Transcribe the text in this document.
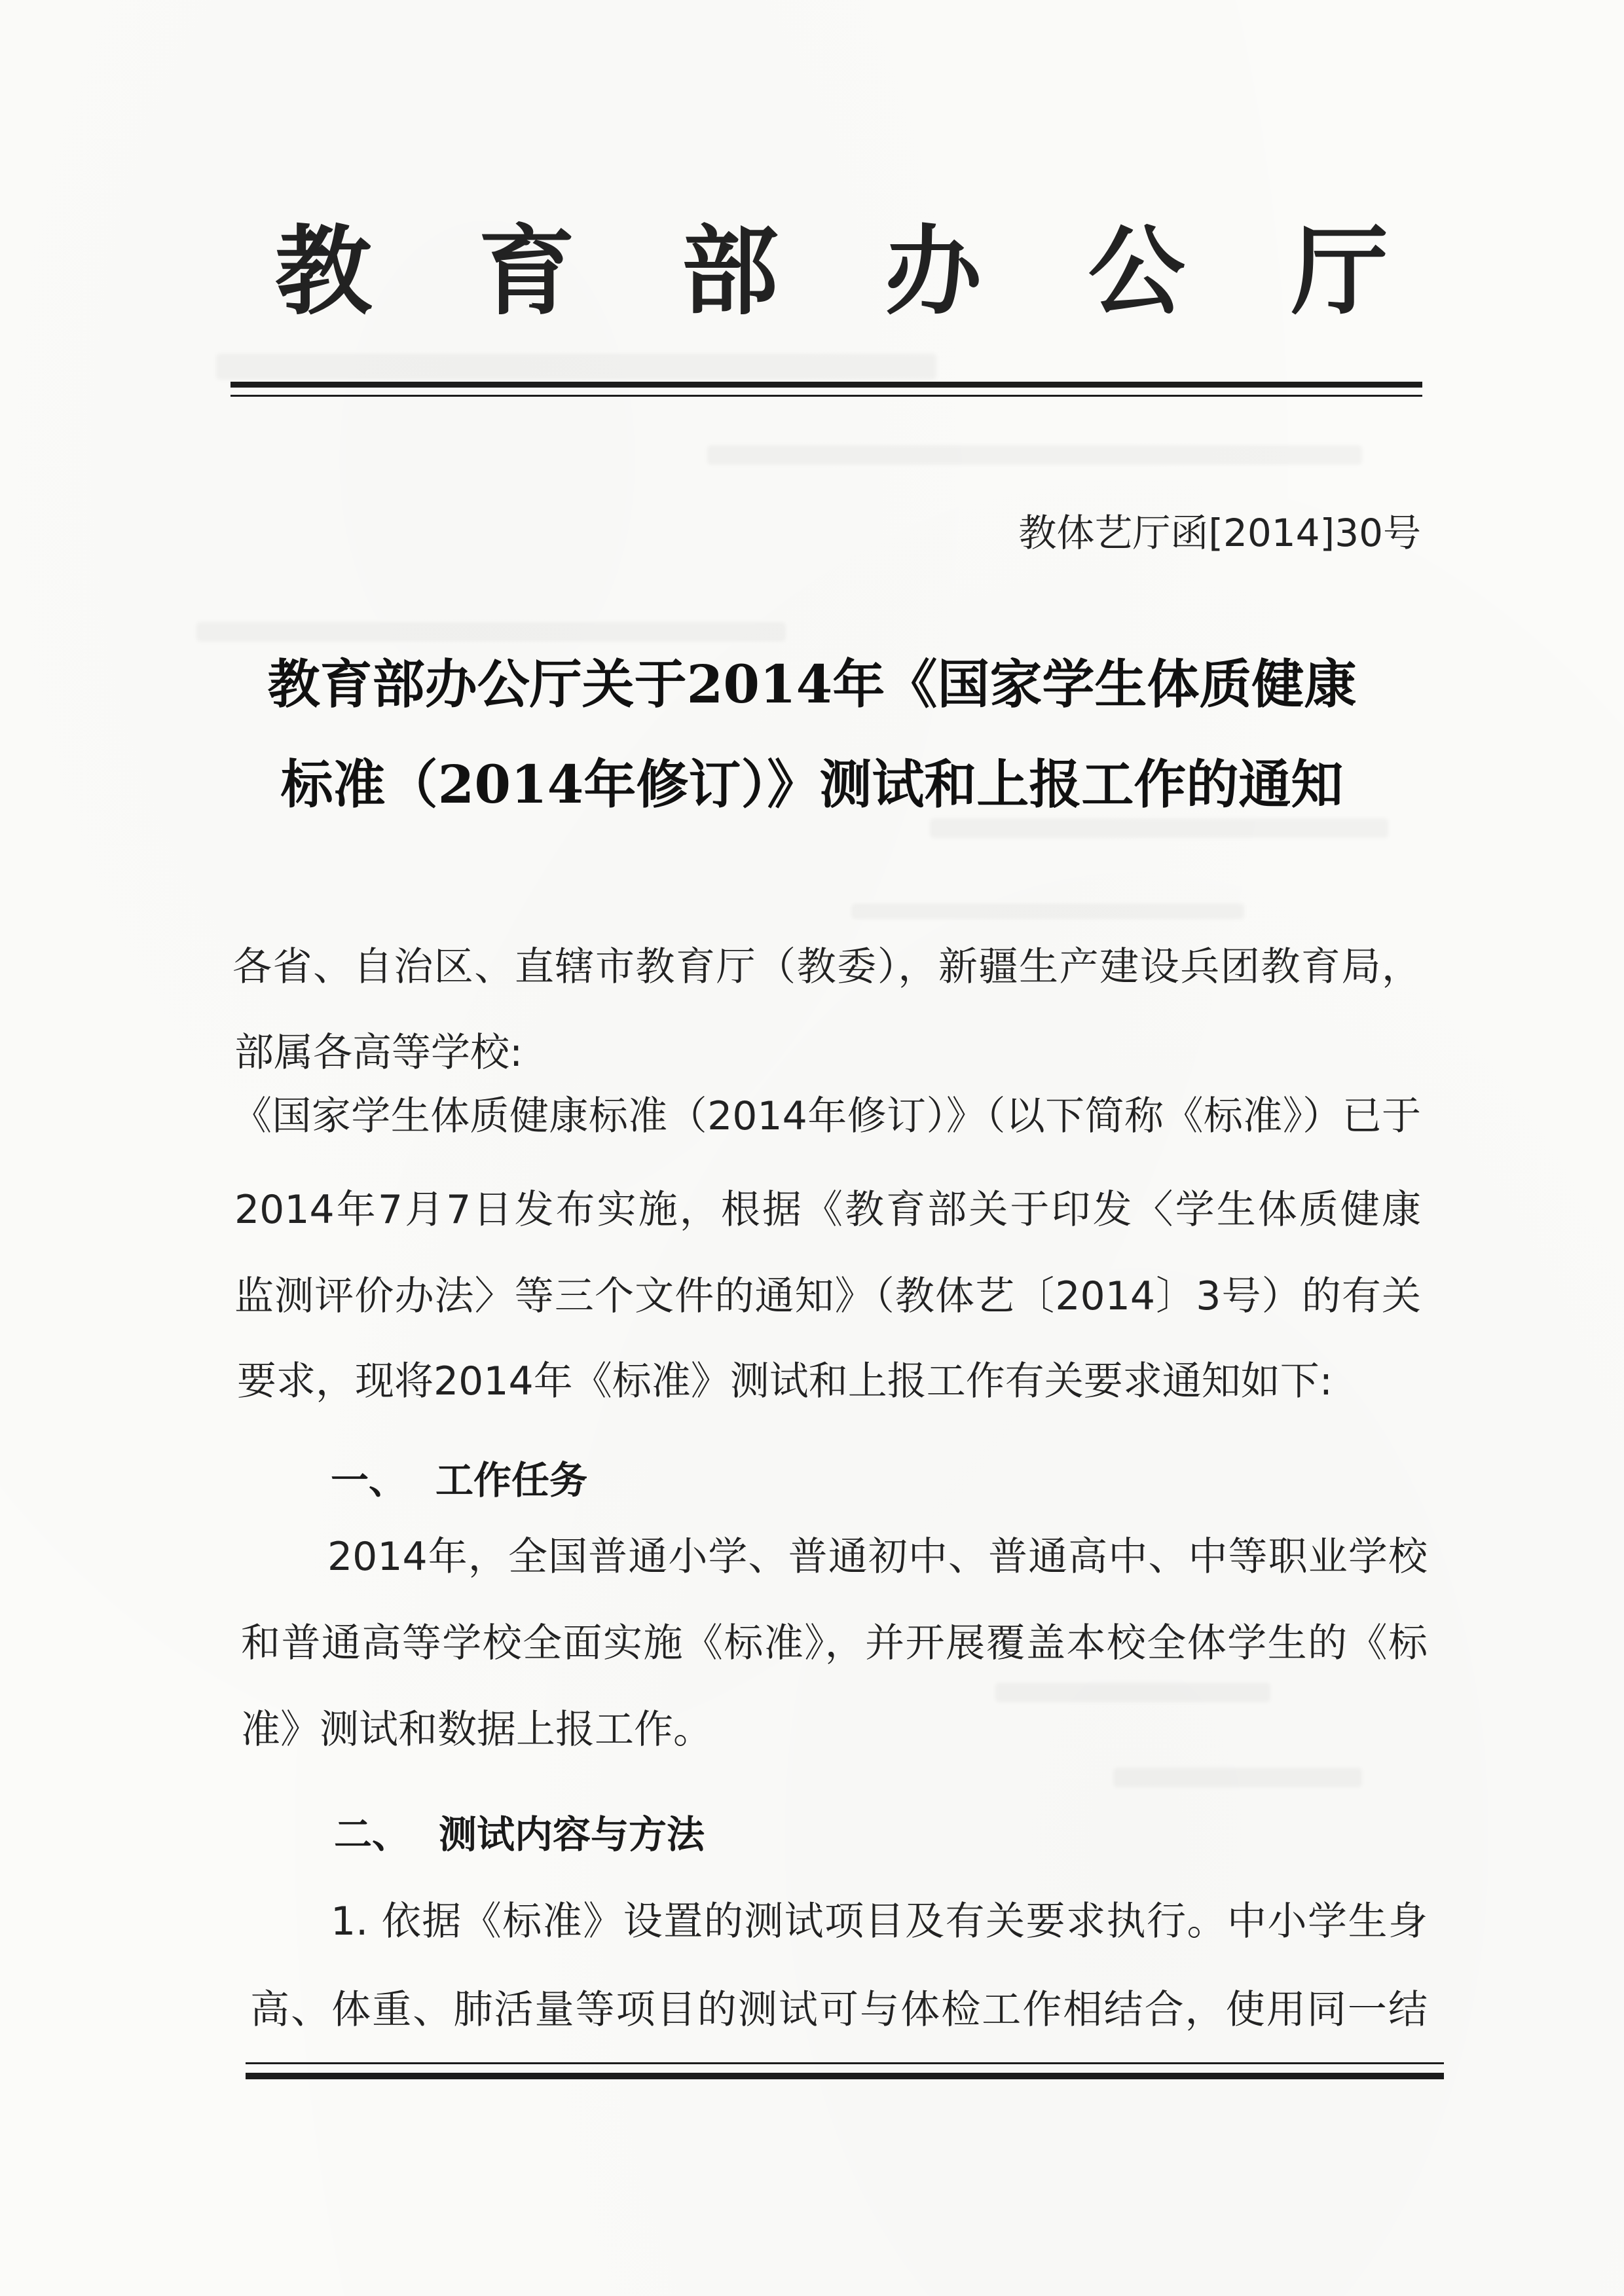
教 育 部 办 公 厅
教体艺厅函[2014]30号
教育部办公厅关于2014年《国家学生体质健康
标准（2014年修订）》测试和上报工作的通知
各省、自治区、直辖市教育厅（教委），新疆生产建设兵团教育局，
部属各高等学校:
《国家学生体质健康标准（2014年修订）》（以下简称《标准》）已于
2014年7月7日发布实施，根据《教育部关于印发〈学生体质健康
监测评价办法〉等三个文件的通知》（教体艺〔2014〕3号）的有关
要求，现将2014年《标准》测试和上报工作有关要求通知如下:
一、 工作任务
2014年，全国普通小学、普通初中、普通高中、中等职业学校
和普通高等学校全面实施《标准》，并开展覆盖本校全体学生的《标
准》测试和数据上报工作。
二、 测试内容与方法
1. 依据《标准》设置的测试项目及有关要求执行。中小学生身
高、体重、肺活量等项目的测试可与体检工作相结合，使用同一结
